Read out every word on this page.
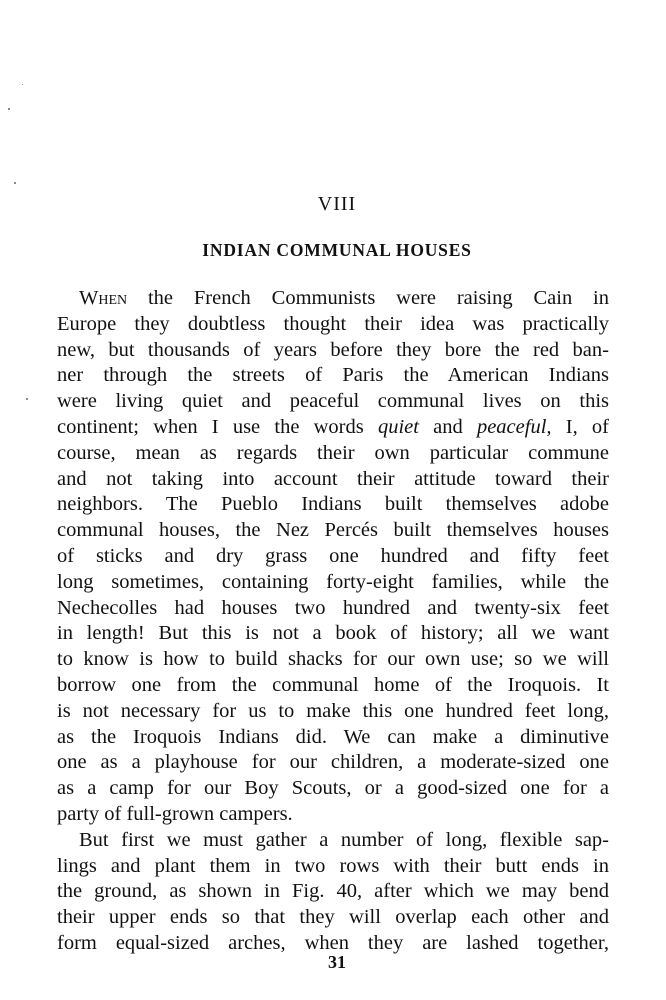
VIII
INDIAN COMMUNAL HOUSES
When the French Communists were raising Cain in
Europe they doubtless thought their idea was practically
new, but thousands of years before they bore the red ban-
ner through the streets of Paris the American Indians
were living quiet and peaceful communal lives on this
continent; when I use the words quiet and peaceful, I, of
course, mean as regards their own particular commune
and not taking into account their attitude toward their
neighbors. The Pueblo Indians built themselves adobe
communal houses, the Nez Percés built themselves houses
of sticks and dry grass one hundred and fifty feet
long sometimes, containing forty-eight families, while the
Nechecolles had houses two hundred and twenty-six feet
in length! But this is not a book of history; all we want
to know is how to build shacks for our own use; so we will
borrow one from the communal home of the Iroquois. It
is not necessary for us to make this one hundred feet long,
as the Iroquois Indians did. We can make a diminutive
one as a playhouse for our children, a moderate-sized one
as a camp for our Boy Scouts, or a good-sized one for a
party of full-grown campers.
But first we must gather a number of long, flexible sap-
lings and plant them in two rows with their butt ends in
the ground, as shown in Fig. 40, after which we may bend
their upper ends so that they will overlap each other and
form equal-sized arches, when they are lashed together,
31
